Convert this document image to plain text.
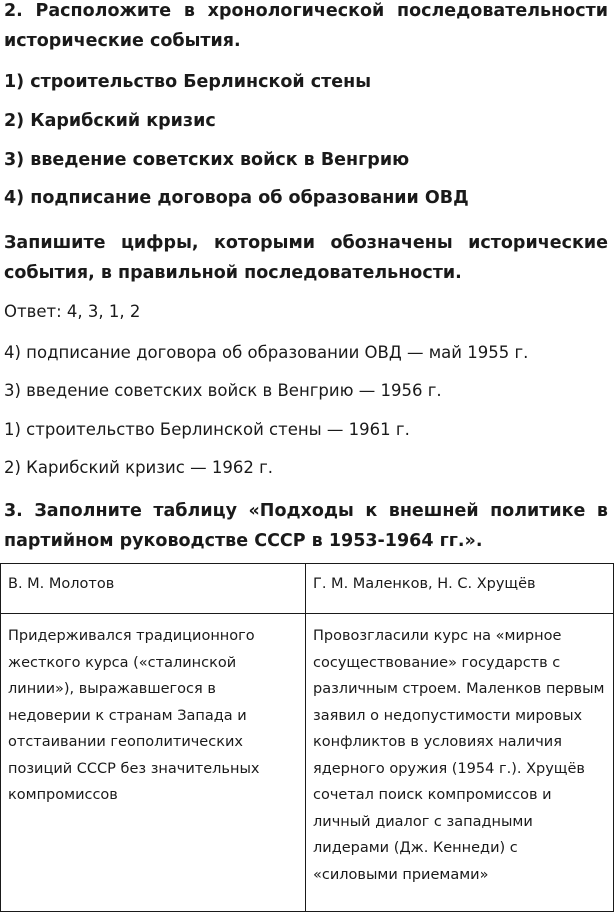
2. Расположите в хронологической последовательности исторические события.
1) строительство Берлинской стены
2) Карибский кризис
3) введение советских войск в Венгрию
4) подписание договора об образовании ОВД
Запишите цифры, которыми обозначены исторические события, в правильной последовательности.
Ответ: 4, 3, 1, 2
4) подписание договора об образовании ОВД — май 1955 г.
3) введение советских войск в Венгрию — 1956 г.
1) строительство Берлинской стены — 1961 г.
2) Карибский кризис — 1962 г.
3. Заполните таблицу «Подходы к внешней политике в партийном руководстве СССР в 1953-1964 гг.».
В. М. Молотов	Г. М. Маленков, Н. С. Хрущёв
Придерживался традиционного жесткого курса («сталинской линии»), выражавшегося в недоверии к странам Запада и отстаивании геополитических позиций СССР без значительных компромиссов	Провозгласили курс на «мирное сосуществование» государств с различным строем. Маленков первым заявил о недопустимости мировых конфликтов в условиях наличия ядерного оружия (1954 г.). Хрущёв сочетал поиск компромиссов и личный диалог с западными лидерами (Дж. Кеннеди) с «силовыми приемами»
